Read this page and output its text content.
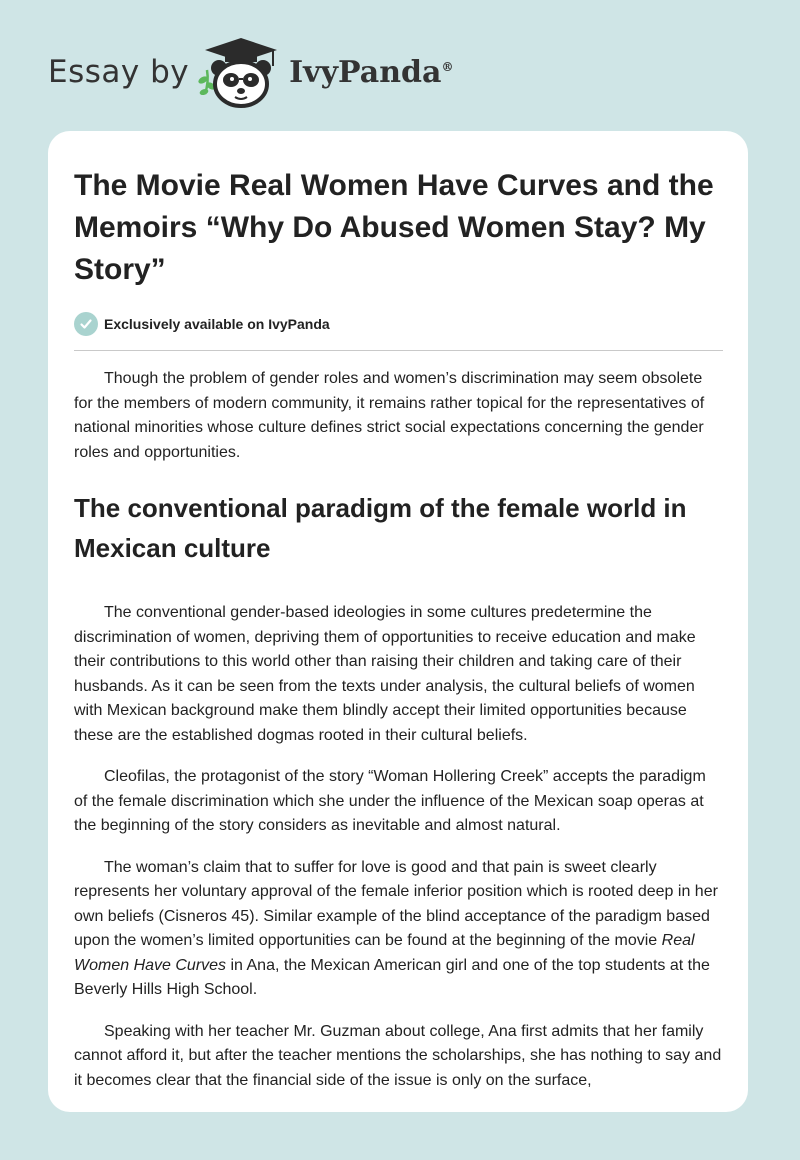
Essay by	IvyPanda®
The Movie Real Women Have Curves and the Memoirs “Why Do Abused Women Stay? My Story”
Exclusively available on IvyPanda

Though the problem of gender roles and women’s discrimination may seem obsolete for the members of modern community, it remains rather topical for the representatives of national minorities whose culture defines strict social expectations concerning the gender roles and opportunities.

The conventional paradigm of the female world in Mexican culture

The conventional gender-based ideologies in some cultures predetermine the discrimination of women, depriving them of opportunities to receive education and make their contributions to this world other than raising their children and taking care of their husbands. As it can be seen from the texts under analysis, the cultural beliefs of women with Mexican background make them blindly accept their limited opportunities because these are the established dogmas rooted in their cultural beliefs.

Cleofilas, the protagonist of the story “Woman Hollering Creek” accepts the paradigm of the female discrimination which she under the influence of the Mexican soap operas at the beginning of the story considers as inevitable and almost natural.

The woman’s claim that to suffer for love is good and that pain is sweet clearly represents her voluntary approval of the female inferior position which is rooted deep in her own beliefs (Cisneros 45). Similar example of the blind acceptance of the paradigm based upon the women’s limited opportunities can be found at the beginning of the movie Real Women Have Curves in Ana, the Mexican American girl and one of the top students at the Beverly Hills High School.

Speaking with her teacher Mr. Guzman about college, Ana first admits that her family cannot afford it, but after the teacher mentions the scholarships, she has nothing to say and it becomes clear that the financial side of the issue is only on the surface,
